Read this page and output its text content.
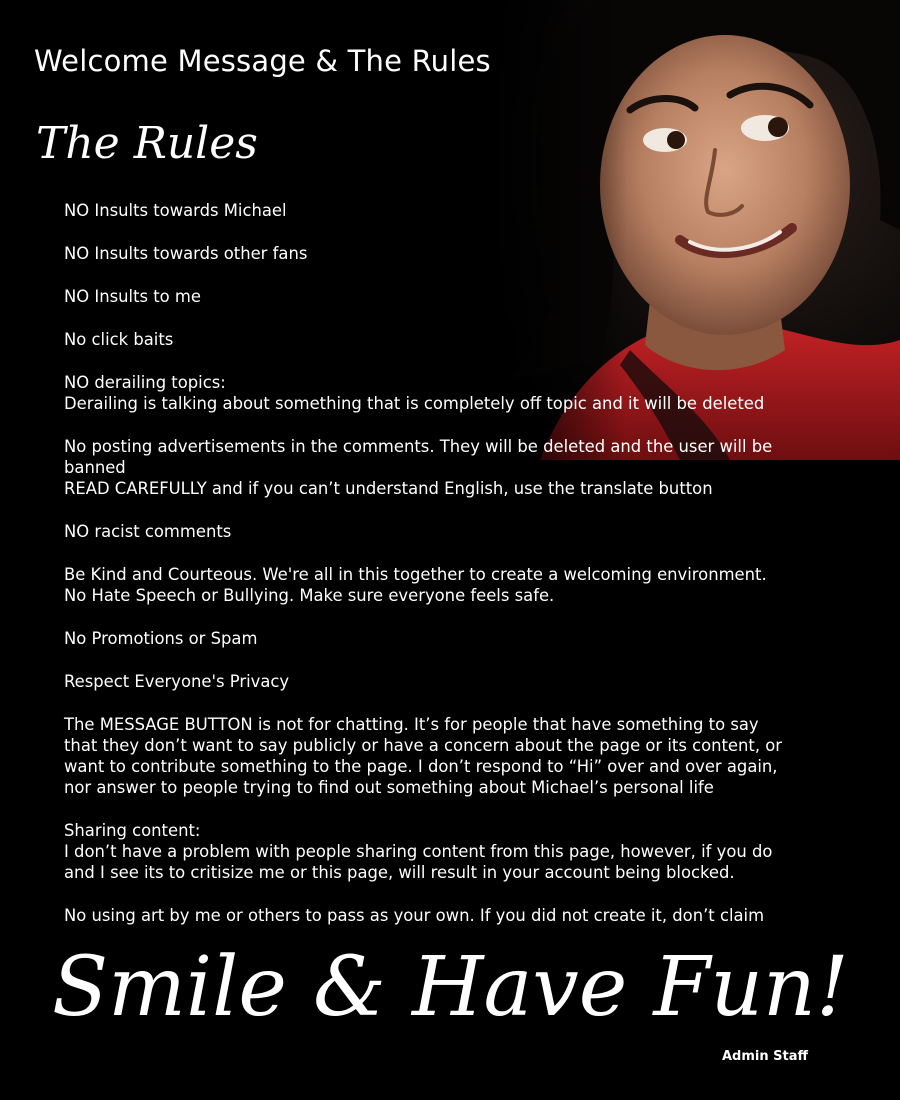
Welcome Message & The Rules
The Rules
NO Insults towards Michael
NO Insults towards other fans
NO Insults to me
No click baits
NO derailing topics:
Derailing is talking about something that is completely off topic and it will be deleted
No posting advertisements in the comments. They will be deleted and the user will be
banned
READ CAREFULLY and if you can’t understand English, use the translate button
NO racist comments
Be Kind and Courteous. We're all in this together to create a welcoming environment.
No Hate Speech or Bullying. Make sure everyone feels safe.
No Promotions or Spam
Respect Everyone's Privacy
The MESSAGE BUTTON is not for chatting. It’s for people that have something to say
that they don’t want to say publicly or have a concern about the page or its content, or
want to contribute something to the page. I don’t respond to “Hi” over and over again,
nor answer to people trying to find out something about Michael’s personal life
Sharing content:
I don’t have a problem with people sharing content from this page, however, if you do
and I see its to critisize me or this page, will result in your account being blocked.
No using art by me or others to pass as your own. If you did not create it, don’t claim
Smile & Have Fun!
Admin Staff
